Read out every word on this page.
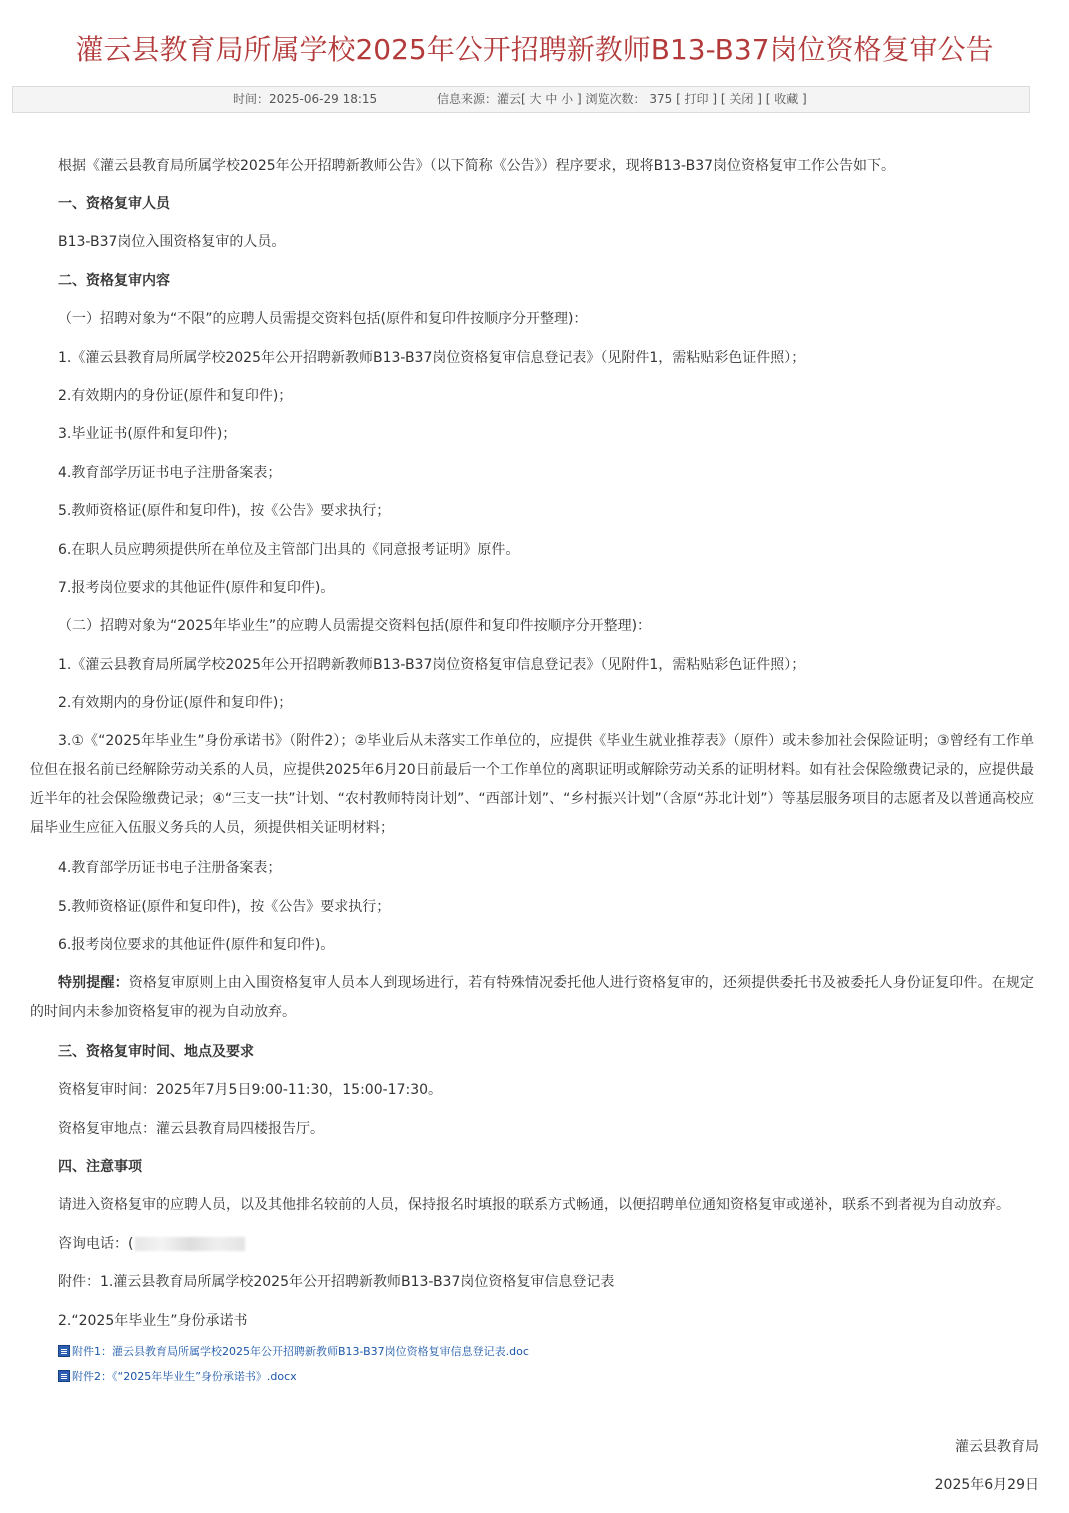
灌云县教育局所属学校2025年公开招聘新教师B13-B37岗位资格复审公告
时间：2025-06-29 18:15	信息来源：灌云[ 大 中 小 ] 浏览次数： 375 [ 打印 ] [ 关闭 ] [ 收藏 ]

根据《灌云县教育局所属学校2025年公开招聘新教师公告》（以下简称《公告》）程序要求，现将B13-B37岗位资格复审工作公告如下。

一、资格复审人员

B13-B37岗位入围资格复审的人员。

二、资格复审内容

（一）招聘对象为“不限”的应聘人员需提交资料包括(原件和复印件按顺序分开整理)：

1.《灌云县教育局所属学校2025年公开招聘新教师B13-B37岗位资格复审信息登记表》（见附件1，需粘贴彩色证件照）；

2.有效期内的身份证(原件和复印件)；

3.毕业证书(原件和复印件)；

4.教育部学历证书电子注册备案表；

5.教师资格证(原件和复印件)，按《公告》要求执行；

6.在职人员应聘须提供所在单位及主管部门出具的《同意报考证明》原件。

7.报考岗位要求的其他证件(原件和复印件)。

（二）招聘对象为“2025年毕业生”的应聘人员需提交资料包括(原件和复印件按顺序分开整理)：

1.《灌云县教育局所属学校2025年公开招聘新教师B13-B37岗位资格复审信息登记表》（见附件1，需粘贴彩色证件照）；

2.有效期内的身份证(原件和复印件)；

3.①《“2025年毕业生”身份承诺书》（附件2）；②毕业后从未落实工作单位的，应提供《毕业生就业推荐表》（原件）或未参加社会保险证明；③曾经有工作单位但在报名前已经解除劳动关系的人员，应提供2025年6月20日前最后一个工作单位的离职证明或解除劳动关系的证明材料。如有社会保险缴费记录的，应提供最近半年的社会保险缴费记录；④“三支一扶”计划、“农村教师特岗计划”、“西部计划”、“乡村振兴计划”（含原“苏北计划”）等基层服务项目的志愿者及以普通高校应届毕业生应征入伍服义务兵的人员，须提供相关证明材料；

4.教育部学历证书电子注册备案表；

5.教师资格证(原件和复印件)，按《公告》要求执行；

6.报考岗位要求的其他证件(原件和复印件)。

特别提醒：资格复审原则上由入围资格复审人员本人到现场进行，若有特殊情况委托他人进行资格复审的，还须提供委托书及被委托人身份证复印件。在规定的时间内未参加资格复审的视为自动放弃。

三、资格复审时间、地点及要求

资格复审时间：2025年7月5日9:00-11:30，15:00-17:30。

资格复审地点：灌云县教育局四楼报告厅。

四、注意事项

请进入资格复审的应聘人员，以及其他排名较前的人员，保持报名时填报的联系方式畅通，以便招聘单位通知资格复审或递补，联系不到者视为自动放弃。

咨询电话：(

附件：1.灌云县教育局所属学校2025年公开招聘新教师B13-B37岗位资格复审信息登记表

2.“2025年毕业生”身份承诺书

附件1：灌云县教育局所属学校2025年公开招聘新教师B13-B37岗位资格复审信息登记表.doc
附件2：《“2025年毕业生”身份承诺书》.docx
灌云县教育局
2025年6月29日
